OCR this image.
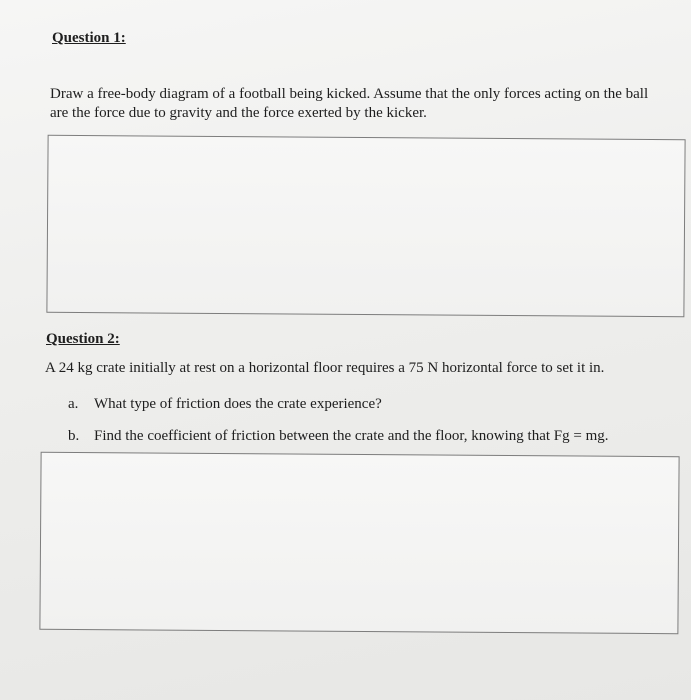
Question 1:

Draw a free-body diagram of a football being kicked. Assume that the only forces acting on the ball are the force due to gravity and the force exerted by the kicker.

Question 2:

A 24 kg crate initially at rest on a horizontal floor requires a 75 N horizontal force to set it in.

a.	What type of friction does the crate experience?
b. Find the coefficient of friction between the crate and the floor, knowing that Fg = mg.
